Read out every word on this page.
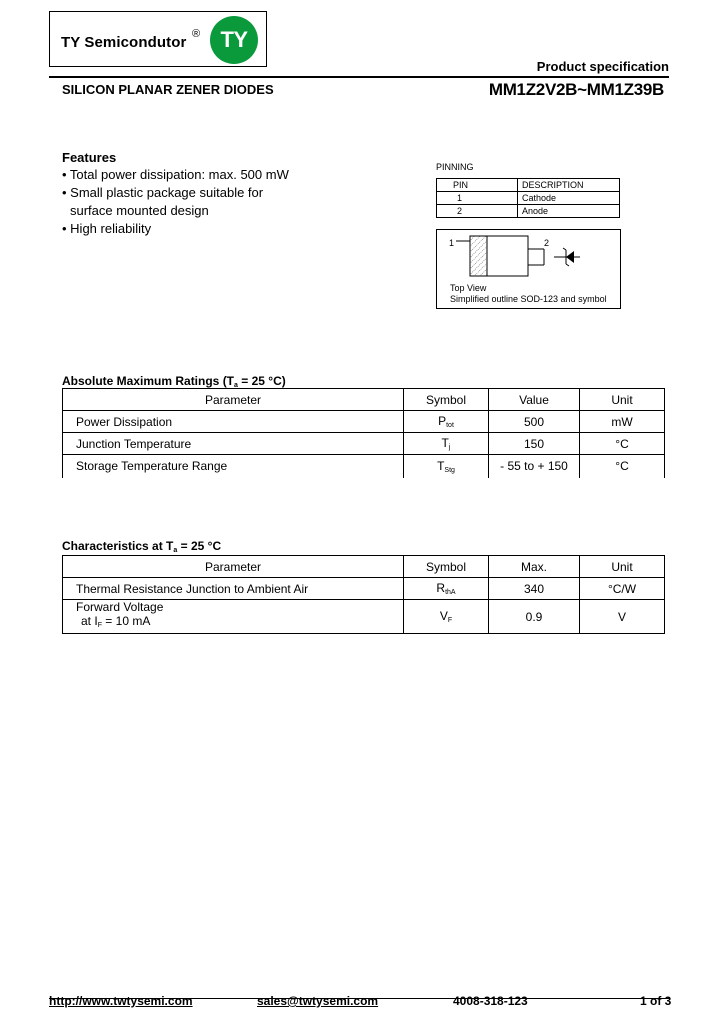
TY Semicondutor ® TY
Product specification
SILICON PLANAR ZENER DIODES	MM1Z2V2B~MM1Z39B
Features
• Total power dissipation: max. 500 mW
• Small plastic package suitable for
surface mounted design
• High reliability
PINNING
PIN	DESCRIPTION
1	Cathode
2	Anode
1	2
Top View
Simplified outline SOD-123 and symbol
Absolute Maximum Ratings ($T_a = 25$ °C)
Parameter	Symbol	Value	Unit
Power Dissipation	$P_{tot}$	500	mW
Junction Temperature	$T_j$	150	°C
Storage Temperature Range	$T_{Stg}$	- 55 to + 150	°C
Characteristics at $T_a = 25$ °C
Parameter	Symbol	Max.	Unit
Thermal Resistance Junction to Ambient Air	$R_{thA}$	340	°C/W

Forward Voltage
at $I_F = 10$ mA	$V_F$	0.9	V
http://www.twtysemi.com	sales@twtysemi.com	4008-318-123	1 of 3
